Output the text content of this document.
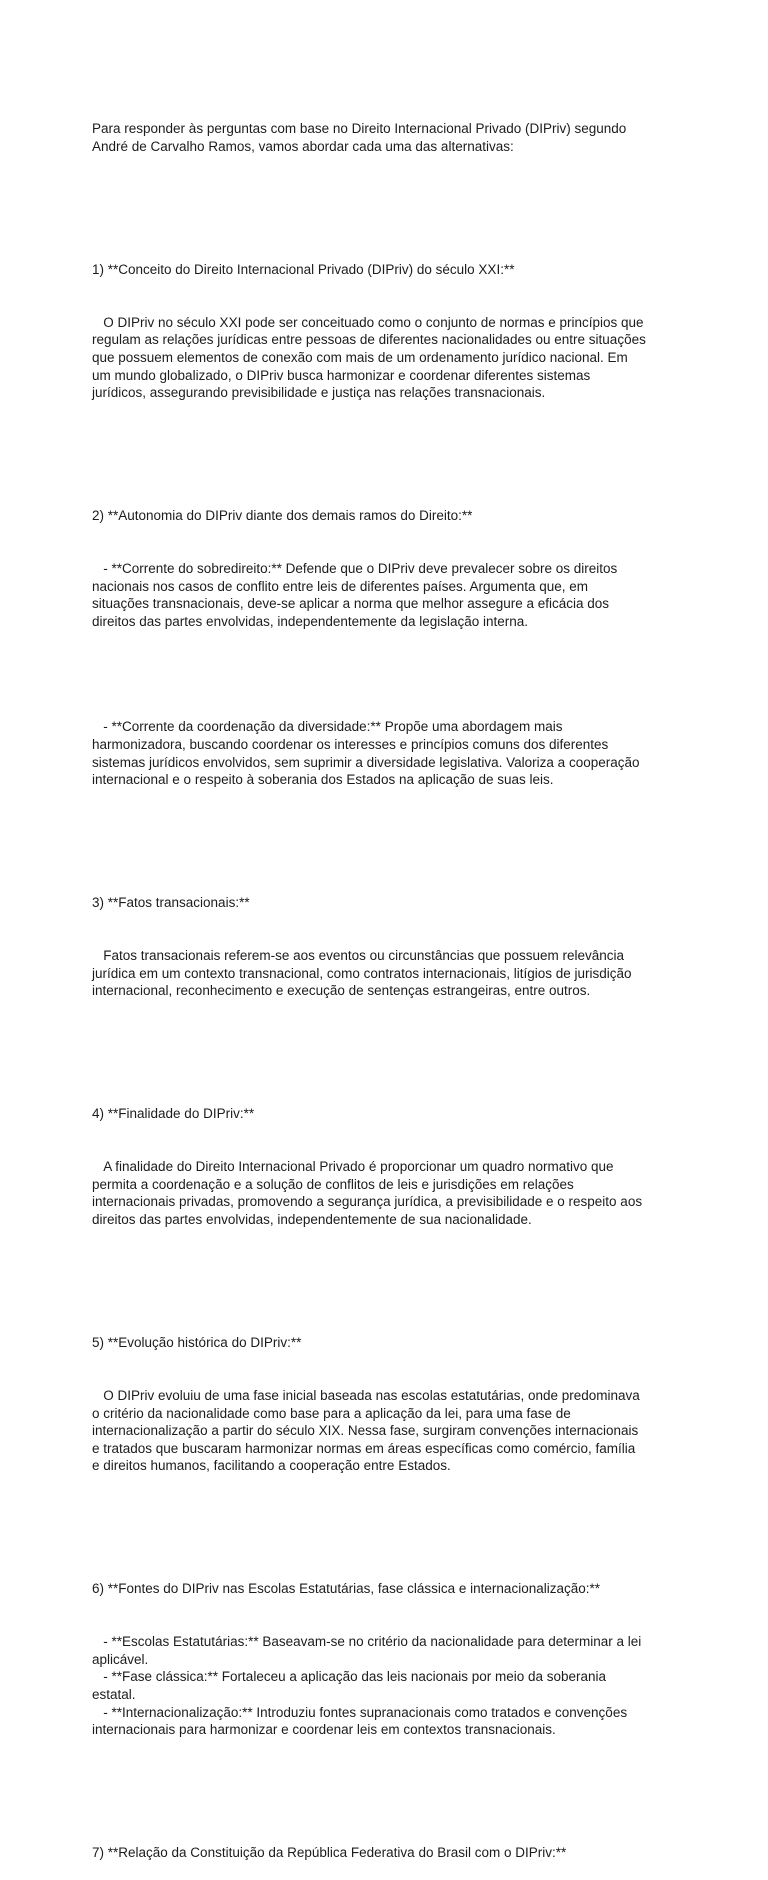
Para responder às perguntas com base no Direito Internacional Privado (DIPriv) segundo
André de Carvalho Ramos, vamos abordar cada uma das alternativas:

1) **Conceito do Direito Internacional Privado (DIPriv) do século XXI:**

O DIPriv no século XXI pode ser conceituado como o conjunto de normas e princípios que
regulam as relações jurídicas entre pessoas de diferentes nacionalidades ou entre situações
que possuem elementos de conexão com mais de um ordenamento jurídico nacional. Em
um mundo globalizado, o DIPriv busca harmonizar e coordenar diferentes sistemas
jurídicos, assegurando previsibilidade e justiça nas relações transnacionais.

2) **Autonomia do DIPriv diante dos demais ramos do Direito:**

- **Corrente do sobredireito:** Defende que o DIPriv deve prevalecer sobre os direitos
nacionais nos casos de conflito entre leis de diferentes países. Argumenta que, em
situações transnacionais, deve-se aplicar a norma que melhor assegure a eficácia dos
direitos das partes envolvidas, independentemente da legislação interna.

- **Corrente da coordenação da diversidade:** Propõe uma abordagem mais
harmonizadora, buscando coordenar os interesses e princípios comuns dos diferentes
sistemas jurídicos envolvidos, sem suprimir a diversidade legislativa. Valoriza a cooperação
internacional e o respeito à soberania dos Estados na aplicação de suas leis.

3) **Fatos transacionais:**

Fatos transacionais referem-se aos eventos ou circunstâncias que possuem relevância
jurídica em um contexto transnacional, como contratos internacionais, litígios de jurisdição
internacional, reconhecimento e execução de sentenças estrangeiras, entre outros.

4) **Finalidade do DIPriv:**

A finalidade do Direito Internacional Privado é proporcionar um quadro normativo que
permita a coordenação e a solução de conflitos de leis e jurisdições em relações
internacionais privadas, promovendo a segurança jurídica, a previsibilidade e o respeito aos
direitos das partes envolvidas, independentemente de sua nacionalidade.

5) **Evolução histórica do DIPriv:**

O DIPriv evoluiu de uma fase inicial baseada nas escolas estatutárias, onde predominava
o critério da nacionalidade como base para a aplicação da lei, para uma fase de
internacionalização a partir do século XIX. Nessa fase, surgiram convenções internacionais
e tratados que buscaram harmonizar normas em áreas específicas como comércio, família
e direitos humanos, facilitando a cooperação entre Estados.

6) **Fontes do DIPriv nas Escolas Estatutárias, fase clássica e internacionalização:**

- **Escolas Estatutárias:** Baseavam-se no critério da nacionalidade para determinar a lei
aplicável.
- **Fase clássica:** Fortaleceu a aplicação das leis nacionais por meio da soberania
estatal.
- **Internacionalização:** Introduziu fontes supranacionais como tratados e convenções
internacionais para harmonizar e coordenar leis em contextos transnacionais.

7) **Relação da Constituição da República Federativa do Brasil com o DIPriv:**
